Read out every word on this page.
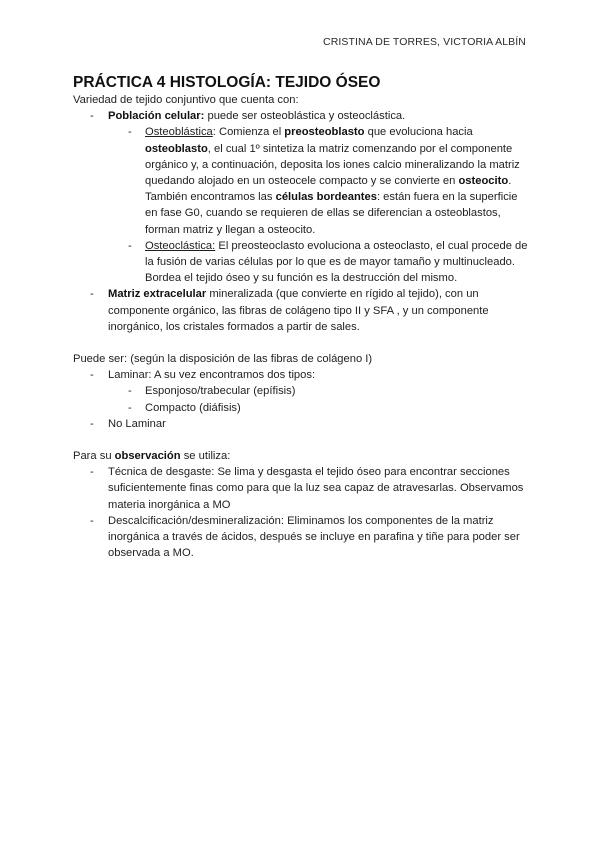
CRISTINA DE TORRES, VICTORIA ALBÍN
PRÁCTICA 4 HISTOLOGÍA: TEJIDO ÓSEO

Variedad de tejido conjuntivo que cuenta con:

- Población celular: puede ser osteoblástica y osteoclástica.
- Osteoblástica: Comienza el preosteoblasto que evoluciona hacia osteoblasto, el cual 1º sintetiza la matriz comenzando por el componente orgánico y, a continuación, deposita los iones calcio mineralizando la matriz quedando alojado en un osteocele compacto y se convierte en osteocito.
También encontramos las células bordeantes: están fuera en la superficie en fase G0, cuando se requieren de ellas se diferencian a osteoblastos, forman matriz y llegan a osteocito.
- Osteoclástica: El preosteoclasto evoluciona a osteoclasto, el cual procede de la fusión de varias células por lo que es de mayor tamaño y multinucleado. Bordea el tejido óseo y su función es la destrucción del mismo.
- Matriz extracelular mineralizada (que convierte en rígido al tejido), con un componente orgánico, las fibras de colágeno tipo II y SFA , y un componente inorgánico, los cristales formados a partir de sales.

Puede ser: (según la disposición de las fibras de colágeno I)

- Laminar: A su vez encontramos dos tipos:
- Esponjoso/trabecular (epífisis)
- Compacto (diáfisis)
- No Laminar

Para su observación se utiliza:

- Técnica de desgaste: Se lima y desgasta el tejido óseo para encontrar secciones suficientemente finas como para que la luz sea capaz de atravesarlas. Observamos materia inorgánica a MO
- Descalcificación/desmineralización: Eliminamos los componentes de la matriz inorgánica a través de ácidos, después se incluye en parafina y tiñe para poder ser observada a MO.
